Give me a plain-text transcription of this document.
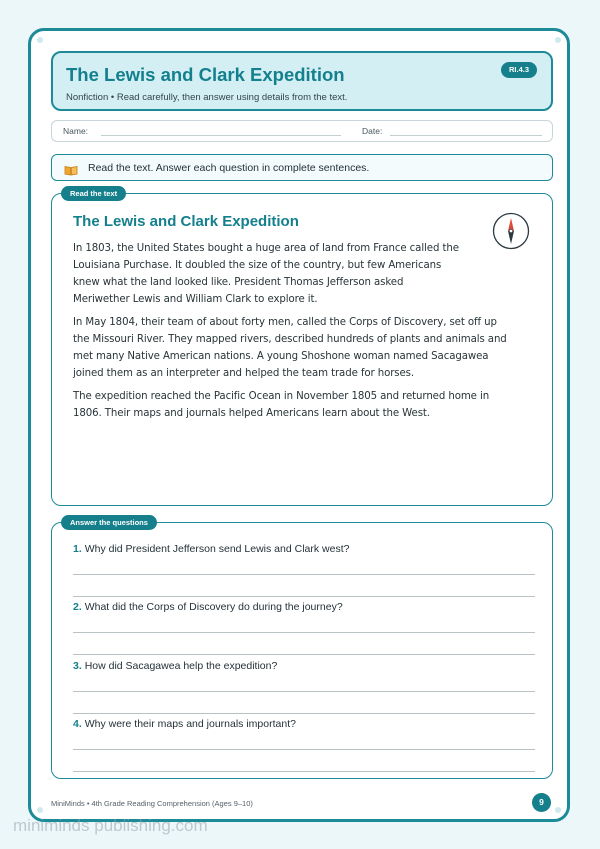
The Lewis and Clark Expedition
Nonfiction • Read carefully, then answer using details from the text.
RI.4.3
Name:	Date:
Read the text. Answer each question in complete sentences.
Read the text
The Lewis and Clark Expedition

In 1803, the United States bought a huge area of land from France called the
Louisiana Purchase. It doubled the size of the country, but few Americans
knew what the land looked like. President Thomas Jefferson asked
Meriwether Lewis and William Clark to explore it.

In May 1804, their team of about forty men, called the Corps of Discovery, set off up
the Missouri River. They mapped rivers, described hundreds of plants and animals and
met many Native American nations. A young Shoshone woman named Sacagawea
joined them as an interpreter and helped the team trade for horses.

The expedition reached the Pacific Ocean in November 1805 and returned home in
1806. Their maps and journals helped Americans learn about the West.

Answer the questions
1. Why did President Jefferson send Lewis and Clark west?
2. What did the Corps of Discovery do during the journey?
3. How did Sacagawea help the expedition?
4. Why were their maps and journals important?
MiniMinds • 4th Grade Reading Comprehension (Ages 9–10)	9
miniminds publishing.com
